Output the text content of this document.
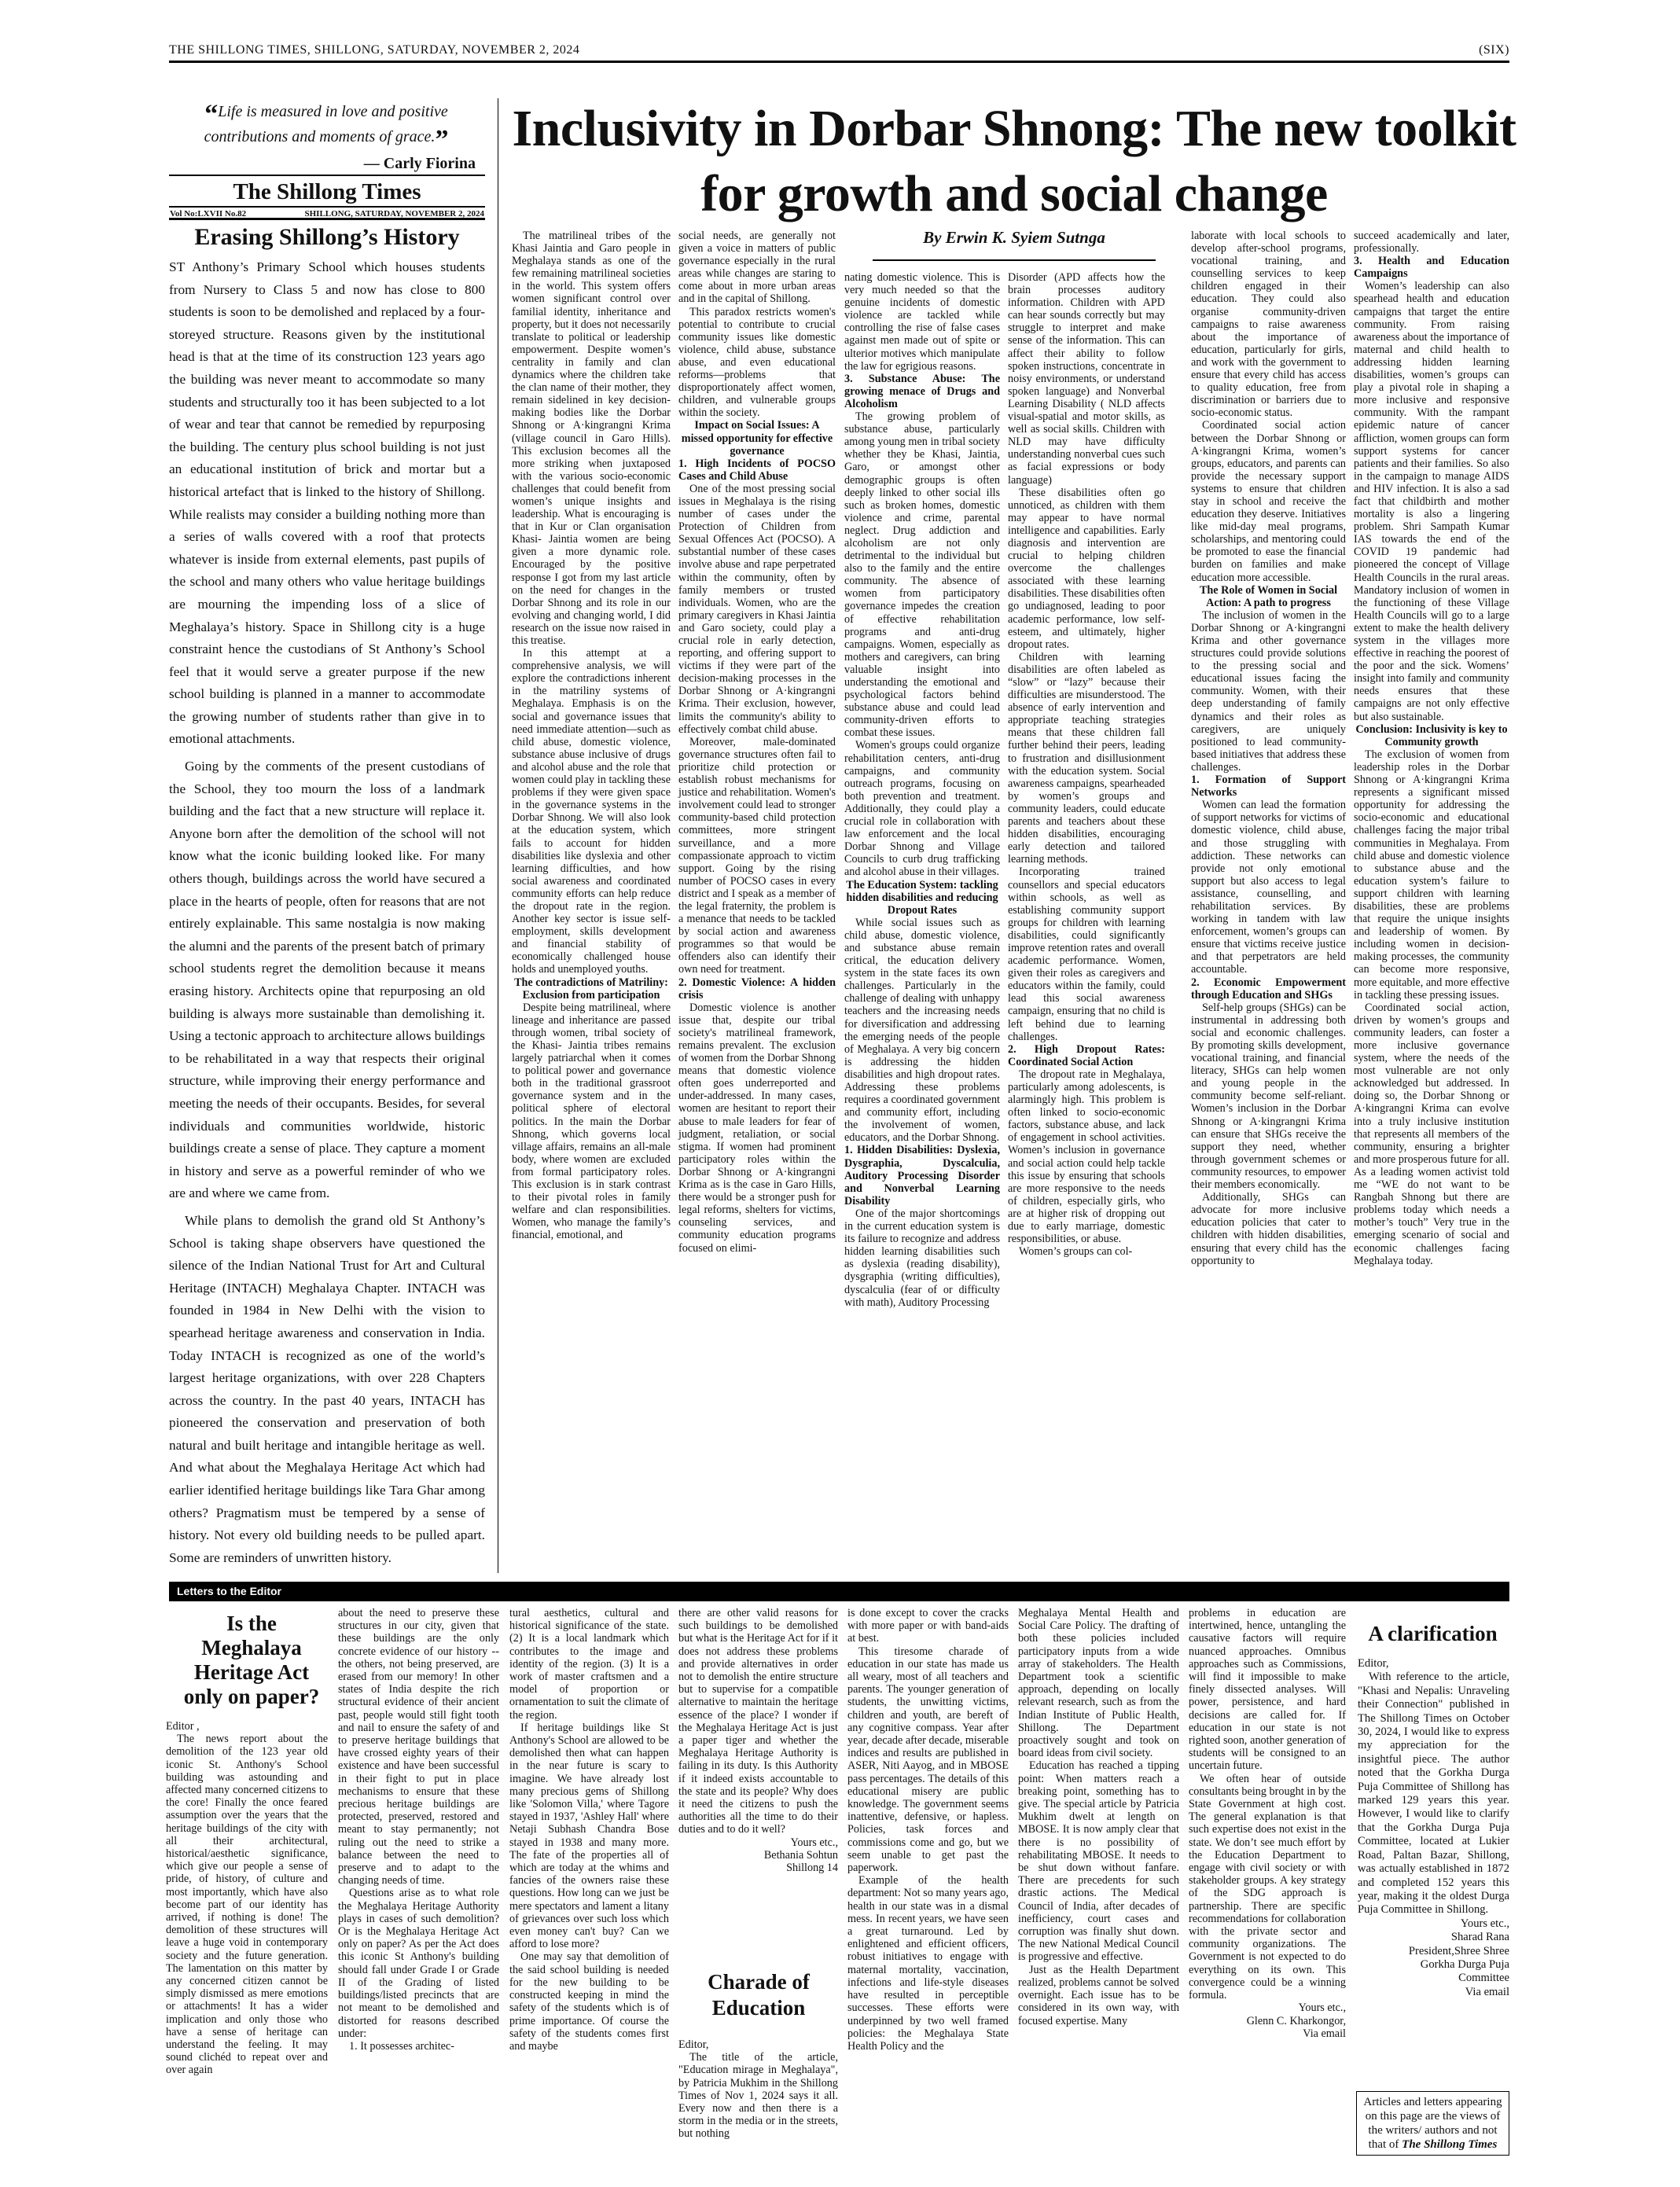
THE SHILLONG TIMES, SHILLONG, SATURDAY, NOVEMBER 2, 2024	(SIX)
“Life is measured in love and positive contributions and moments of grace.”
— Carly Fiorina
The Shillong Times
Vol No:LXVII No.82	SHILLONG, SATURDAY, NOVEMBER 2, 2024
Erasing Shillong’s History

ST Anthony’s Primary School which houses students from Nursery to Class 5 and now has close to 800 students is soon to be demolished and replaced by a four-storeyed structure. Reasons given by the institutional head is that at the time of its construction 123 years ago the building was never meant to accommodate so many students and structurally too it has been subjected to a lot of wear and tear that cannot be remedied by repurposing the building. The century plus school building is not just an educational institution of brick and mortar but a historical artefact that is linked to the history of Shillong. While realists may consider a building nothing more than a series of walls covered with a roof that protects whatever is inside from external elements, past pupils of the school and many others who value heritage buildings are mourning the impending loss of a slice of Meghalaya’s history. Space in Shillong city is a huge constraint hence the custodians of St Anthony’s School feel that it would serve a greater purpose if the new school building is planned in a manner to accommodate the growing number of students rather than give in to emotional attachments.

Going by the comments of the present custodians of the School, they too mourn the loss of a landmark building and the fact that a new structure will replace it. Anyone born after the demolition of the school will not know what the iconic building looked like. For many others though, buildings across the world have secured a place in the hearts of people, often for reasons that are not entirely explainable. This same nostalgia is now making the alumni and the parents of the present batch of primary school students regret the demolition because it means erasing history. Architects opine that repurposing an old building is always more sustainable than demolishing it. Using a tectonic approach to architecture allows buildings to be rehabilitated in a way that respects their original structure, while improving their energy performance and meeting the needs of their occupants. Besides, for several individuals and communities worldwide, historic buildings create a sense of place. They capture a moment in history and serve as a powerful reminder of who we are and where we came from.

While plans to demolish the grand old St Anthony’s School is taking shape observers have questioned the silence of the Indian National Trust for Art and Cultural Heritage (INTACH) Meghalaya Chapter. INTACH was founded in 1984 in New Delhi with the vision to spearhead heritage awareness and conservation in India. Today INTACH is recognized as one of the world’s largest heritage organizations, with over 228 Chapters across the country. In the past 40 years, INTACH has pioneered the conservation and preservation of both natural and built heritage and intangible heritage as well. And what about the Meghalaya Heritage Act which had earlier identified heritage buildings like Tara Ghar among others? Pragmatism must be tempered by a sense of history. Not every old building needs to be pulled apart. Some are reminders of unwritten history.

Inclusivity in Dorbar Shnong: The new toolkit for growth and social change
By Erwin K. Syiem Sutnga

The matrilineal tribes of the Khasi Jaintia and Garo people in Meghalaya stands as one of the few remaining matrilineal societies in the world. This system offers women significant control over familial identity, inheritance and property, but it does not necessarily translate to political or leadership empowerment. Despite women’s centrality in family and clan dynamics where the children take the clan name of their mother, they remain sidelined in key decision-making bodies like the Dorbar Shnong or A·kingrangni Krima (village council in Garo Hills). This exclusion becomes all the more striking when juxtaposed with the various socio-economic challenges that could benefit from women’s unique insights and leadership. What is encouraging is that in Kur or Clan organisation Khasi- Jaintia women are being given a more dynamic role. Encouraged by the positive response I got from my last article on the need for changes in the Dorbar Shnong and its role in our evolving and changing world, I did research on the issue now raised in this treatise.

In this attempt at a comprehensive analysis, we will explore the contradictions inherent in the matriliny systems of Meghalaya. Emphasis is on the social and governance issues that need immediate attention—such as child abuse, domestic violence, substance abuse inclusive of drugs and alcohol abuse and the role that women could play in tackling these problems if they were given space in the governance systems in the Dorbar Shnong. We will also look at the education system, which fails to account for hidden disabilities like dyslexia and other learning difficulties, and how social awareness and coordinated community efforts can help reduce the dropout rate in the region. Another key sector is issue self-employment, skills development and financial stability of economically challenged house holds and unemployed youths.

The contradictions of Matriliny: Exclusion from participation

Despite being matrilineal, where lineage and inheritance are passed through women, tribal society of the Khasi- Jaintia tribes remains largely patriarchal when it comes to political power and governance both in the traditional grassroot governance system and in the political sphere of electoral politics. In the main the Dorbar Shnong, which governs local village affairs, remains an all-male body, where women are excluded from formal participatory roles. This exclusion is in stark contrast to their pivotal roles in family welfare and clan responsibilities. Women, who manage the family’s financial, emotional, and

social needs, are generally not given a voice in matters of public governance especially in the rural areas while changes are staring to come about in more urban areas and in the capital of Shillong.

This paradox restricts women's potential to contribute to crucial community issues like domestic violence, child abuse, substance abuse, and even educational reforms—problems that disproportionately affect women, children, and vulnerable groups within the society.

Impact on Social Issues: A missed opportunity for effective governance

1. High Incidents of POCSO Cases and Child Abuse

One of the most pressing social issues in Meghalaya is the rising number of cases under the Protection of Children from Sexual Offences Act (POCSO). A substantial number of these cases involve abuse and rape perpetrated within the community, often by family members or trusted individuals. Women, who are the primary caregivers in Khasi Jaintia and Garo society, could play a crucial role in early detection, reporting, and offering support to victims if they were part of the decision-making processes in the Dorbar Shnong or A·kingrangni Krima. Their exclusion, however, limits the community's ability to effectively combat child abuse.

Moreover, male-dominated governance structures often fail to prioritize child protection or establish robust mechanisms for justice and rehabilitation. Women's involvement could lead to stronger community-based child protection committees, more stringent surveillance, and a more compassionate approach to victim support. Going by the rising number of POCSO cases in every district and I speak as a member of the legal fraternity, the problem is a menance that needs to be tackled by social action and awareness programmes so that would be offenders also can identify their own need for treatment.

2. Domestic Violence: A hidden crisis

Domestic violence is another issue that, despite our tribal society's matrilineal framework, remains prevalent. The exclusion of women from the Dorbar Shnong means that domestic violence often goes underreported and under-addressed. In many cases, women are hesitant to report their abuse to male leaders for fear of judgment, retaliation, or social stigma. If women had prominent participatory roles within the Dorbar Shnong or A·kingrangni Krima as is the case in Garo Hills, there would be a stronger push for legal reforms, shelters for victims, counseling services, and community education programs focused on elimi-

nating domestic violence. This is very much needed so that the genuine incidents of domestic violence are tackled while controlling the rise of false cases against men made out of spite or ulterior motives which manipulate the law for egrigious reasons.

3. Substance Abuse: The growing menace of Drugs and Alcoholism

The growing problem of substance abuse, particularly among young men in tribal society whether they be Khasi, Jaintia, Garo, or amongst other demographic groups is often deeply linked to other social ills such as broken homes, domestic violence and crime, parental neglect. Drug addiction and alcoholism are not only detrimental to the individual but also to the family and the entire community. The absence of women from participatory governance impedes the creation of effective rehabilitation programs and anti-drug campaigns. Women, especially as mothers and caregivers, can bring valuable insight into understanding the emotional and psychological factors behind substance abuse and could lead community-driven efforts to combat these issues.

Women's groups could organize rehabilitation centers, anti-drug campaigns, and community outreach programs, focusing on both prevention and treatment. Additionally, they could play a crucial role in collaboration with law enforcement and the local Dorbar Shnong and Village Councils to curb drug trafficking and alcohol abuse in their villages.

The Education System: tackling hidden disabilities and reducing Dropout Rates

While social issues such as child abuse, domestic violence, and substance abuse remain critical, the education delivery system in the state faces its own challenges. Particularly in the challenge of dealing with unhappy teachers and the increasing needs for diversification and addressing the emerging needs of the people of Meghalaya. A very big concern is addressing the hidden disabilities and high dropout rates. Addressing these problems requires a coordinated government and community effort, including the involvement of women, educators, and the Dorbar Shnong.

1. Hidden Disabilities: Dyslexia, Dysgraphia, Dyscalculia, Auditory Processing Disorder and Nonverbal Learning Disability

One of the major shortcomings in the current education system is its failure to recognize and address hidden learning disabilities such as dyslexia (reading disability), dysgraphia (writing difficulties), dyscalculia (fear of or difficulty with math), Auditory Processing

Disorder (APD affects how the brain processes auditory information. Children with APD can hear sounds correctly but may struggle to interpret and make sense of the information. This can affect their ability to follow spoken instructions, concentrate in noisy environments, or understand spoken language) and Nonverbal Learning Disability ( NLD affects visual-spatial and motor skills, as well as social skills. Children with NLD may have difficulty understanding nonverbal cues such as facial expressions or body language)

These disabilities often go unnoticed, as children with them may appear to have normal intelligence and capabilities. Early diagnosis and intervention are crucial to helping children overcome the challenges associated with these learning disabilities. These disabilities often go undiagnosed, leading to poor academic performance, low self-esteem, and ultimately, higher dropout rates.

Children with learning disabilities are often labeled as “slow” or “lazy” because their difficulties are misunderstood. The absence of early intervention and appropriate teaching strategies means that these children fall further behind their peers, leading to frustration and disillusionment with the education system. Social awareness campaigns, spearheaded by women’s groups and community leaders, could educate parents and teachers about these hidden disabilities, encouraging early detection and tailored learning methods.

Incorporating trained counsellors and special educators within schools, as well as establishing community support groups for children with learning disabilities, could significantly improve retention rates and overall academic performance. Women, given their roles as caregivers and educators within the family, could lead this social awareness campaign, ensuring that no child is left behind due to learning challenges.

2. High Dropout Rates: Coordinated Social Action

The dropout rate in Meghalaya, particularly among adolescents, is alarmingly high. This problem is often linked to socio-economic factors, substance abuse, and lack of engagement in school activities. Women’s inclusion in governance and social action could help tackle this issue by ensuring that schools are more responsive to the needs of children, especially girls, who are at higher risk of dropping out due to early marriage, domestic responsibilities, or abuse.

Women’s groups can col-

laborate with local schools to develop after-school programs, vocational training, and counselling services to keep children engaged in their education. They could also organise community-driven campaigns to raise awareness about the importance of education, particularly for girls, and work with the government to ensure that every child has access to quality education, free from discrimination or barriers due to socio-economic status.

Coordinated social action between the Dorbar Shnong or A·kingrangni Krima, women’s groups, educators, and parents can provide the necessary support systems to ensure that children stay in school and receive the education they deserve. Initiatives like mid-day meal programs, scholarships, and mentoring could be promoted to ease the financial burden on families and make education more accessible.

The Role of Women in Social Action: A path to progress

The inclusion of women in the Dorbar Shnong or A·kingrangni Krima and other governance structures could provide solutions to the pressing social and educational issues facing the community. Women, with their deep understanding of family dynamics and their roles as caregivers, are uniquely positioned to lead community-based initiatives that address these challenges.

1. Formation of Support Networks

Women can lead the formation of support networks for victims of domestic violence, child abuse, and those struggling with addiction. These networks can provide not only emotional support but also access to legal assistance, counselling, and rehabilitation services. By working in tandem with law enforcement, women’s groups can ensure that victims receive justice and that perpetrators are held accountable.

2. Economic Empowerment through Education and SHGs

Self-help groups (SHGs) can be instrumental in addressing both social and economic challenges. By promoting skills development, vocational training, and financial literacy, SHGs can help women and young people in the community become self-reliant. Women’s inclusion in the Dorbar Shnong or A·kingrangni Krima can ensure that SHGs receive the support they need, whether through government schemes or community resources, to empower their members economically.

Additionally, SHGs can advocate for more inclusive education policies that cater to children with hidden disabilities, ensuring that every child has the opportunity to

succeed academically and later, professionally.

3. Health and Education Campaigns

Women’s leadership can also spearhead health and education campaigns that target the entire community. From raising awareness about the importance of maternal and child health to addressing hidden learning disabilities, women’s groups can play a pivotal role in shaping a more inclusive and responsive community. With the rampant epidemic nature of cancer affliction, women groups can form support systems for cancer patients and their families. So also in the campaign to manage AIDS and HIV infection. It is also a sad fact that childbirth and mother mortality is also a lingering problem. Shri Sampath Kumar IAS towards the end of the COVID 19 pandemic had pioneered the concept of Village Health Councils in the rural areas. Mandatory inclusion of women in the functioning of these Village Health Councils will go to a large extent to make the health delivery system in the villages more effective in reaching the poorest of the poor and the sick. Womens’ insight into family and community needs ensures that these campaigns are not only effective but also sustainable.

Conclusion: Inclusivity is key to Community growth

The exclusion of women from leadership roles in the Dorbar Shnong or A·kingrangni Krima represents a significant missed opportunity for addressing the socio-economic and educational challenges facing the major tribal communities in Meghalaya. From child abuse and domestic violence to substance abuse and the education system’s failure to support children with learning disabilities, these are problems that require the unique insights and leadership of women. By including women in decision-making processes, the community can become more responsive, more equitable, and more effective in tackling these pressing issues.

Coordinated social action, driven by women’s groups and community leaders, can foster a more inclusive governance system, where the needs of the most vulnerable are not only acknowledged but addressed. In doing so, the Dorbar Shnong or A·kingrangni Krima can evolve into a truly inclusive institution that represents all members of the community, ensuring a brighter and more prosperous future for all. As a leading women activist told me “WE do not want to be Rangbah Shnong but there are problems today which needs a mother’s touch” Very true in the emerging scenario of social and economic challenges facing Meghalaya today.

Letters to the Editor
Is the Meghalaya Heritage Act only on paper?

Editor ,

The news report about the demolition of the 123 year old iconic St. Anthony's School building was astounding and affected many concerned citizens to the core! Finally the once feared assumption over the years that the heritage buildings of the city with all their architectural, historical/aesthetic significance, which give our people a sense of pride, of history, of culture and most importantly, which have also become part of our identity has arrived, if nothing is done! The demolition of these structures will leave a huge void in contemporary society and the future generation. The lamentation on this matter by any concerned citizen cannot be simply dismissed as mere emotions or attachments! It has a wider implication and only those who have a sense of heritage can understand the feeling. It may sound clichéd to repeat over and over again

about the need to preserve these structures in our city, given that these buildings are the only concrete evidence of our history -- the others, not being preserved, are erased from our memory! In other states of India despite the rich structural evidence of their ancient past, people would still fight tooth and nail to ensure the safety of and to preserve heritage buildings that have crossed eighty years of their existence and have been successful in their fight to put in place mechanisms to ensure that these precious heritage buildings are protected, preserved, restored and meant to stay permanently; not ruling out the need to strike a balance between the need to preserve and to adapt to the changing needs of time.

Questions arise as to what role the Meghalaya Heritage Authority plays in cases of such demolition? Or is the Meghalaya Heritage Act only on paper? As per the Act does this iconic St Anthony's building should fall under Grade I or Grade II of the Grading of listed buildings/listed precincts that are not meant to be demolished and distorted for reasons described under:

1. It possesses architec-

tural aesthetics, cultural and historical significance of the state. (2) It is a local landmark which contributes to the image and identity of the region. (3) It is a work of master craftsmen and a model of proportion or ornamentation to suit the climate of the region.

If heritage buildings like St Anthony's School are allowed to be demolished then what can happen in the near future is scary to imagine. We have already lost many precious gems of Shillong like 'Solomon Villa,' where Tagore stayed in 1937, 'Ashley Hall' where Netaji Subhash Chandra Bose stayed in 1938 and many more. The fate of the properties all of which are today at the whims and fancies of the owners raise these questions. How long can we just be mere spectators and lament a litany of grievances over such loss which even money can't buy? Can we afford to lose more?

One may say that demolition of the said school building is needed for the new building to be constructed keeping in mind the safety of the students which is of prime importance. Of course the safety of the students comes first and maybe

there are other valid reasons for such buildings to be demolished but what is the Heritage Act for if it does not address these problems and provide alternatives in order not to demolish the entire structure but to supervise for a compatible alternative to maintain the heritage essence of the place? I wonder if the Meghalaya Heritage Act is just a paper tiger and whether the Meghalaya Heritage Authority is failing in its duty. Is this Authority if it indeed exists accountable to the state and its people? Why does it need the citizens to push the authorities all the time to do their duties and to do it well?

Yours etc.,

Bethania Sohtun

Shillong 14

Charade of Education

Editor,

The title of the article, "Education mirage in Meghalaya", by Patricia Mukhim in the Shillong Times of Nov 1, 2024 says it all. Every now and then there is a storm in the media or in the streets, but nothing

is done except to cover the cracks with more paper or with band-aids at best.

This tiresome charade of education in our state has made us all weary, most of all teachers and parents. The younger generation of students, the unwitting victims, children and youth, are bereft of any cognitive compass. Year after year, decade after decade, miserable indices and results are published in ASER, Niti Aayog, and in MBOSE pass percentages. The details of this educational misery are public knowledge. The government seems inattentive, defensive, or hapless. Policies, task forces and commissions come and go, but we seem unable to get past the paperwork.

Example of the health department: Not so many years ago, health in our state was in a dismal mess. In recent years, we have seen a great turnaround. Led by enlightened and efficient officers, robust initiatives to engage with maternal mortality, vaccination, infections and life-style diseases have resulted in perceptible successes. These efforts were underpinned by two well framed policies: the Meghalaya State Health Policy and the

Meghalaya Mental Health and Social Care Policy. The drafting of both these policies included participatory inputs from a wide array of stakeholders. The Health Department took a scientific approach, depending on locally relevant research, such as from the Indian Institute of Public Health, Shillong. The Department proactively sought and took on board ideas from civil society.

Education has reached a tipping point: When matters reach a breaking point, something has to give. The special article by Patricia Mukhim dwelt at length on MBOSE. It is now amply clear that there is no possibility of rehabilitating MBOSE. It needs to be shut down without fanfare. There are precedents for such drastic actions. The Medical Council of India, after decades of inefficiency, court cases and corruption was finally shut down. The new National Medical Council is progressive and effective.

Just as the Health Department realized, problems cannot be solved overnight. Each issue has to be considered in its own way, with focused expertise. Many

problems in education are intertwined, hence, untangling the causative factors will require nuanced approaches. Omnibus approaches such as Commissions, will find it impossible to make finely dissected analyses. Will power, persistence, and hard decisions are called for. If education in our state is not righted soon, another generation of students will be consigned to an uncertain future.

We often hear of outside consultants being brought in by the State Government at high cost. The general explanation is that such expertise does not exist in the state. We don’t see much effort by the Education Department to engage with civil society or with stakeholder groups. A key strategy of the SDG approach is partnership. There are specific recommendations for collaboration with the private sector and community organizations. The Government is not expected to do everything on its own. This convergence could be a winning formula.

Yours etc.,

Glenn C. Kharkongor,

Via email

A clarification

Editor,

With reference to the article, "Khasi and Nepalis: Unraveling their Connection" published in The Shillong Times on October 30, 2024, I would like to express my appreciation for the insightful piece. The author noted that the Gorkha Durga Puja Committee of Shillong has marked 129 years this year. However, I would like to clarify that the Gorkha Durga Puja Committee, located at Lukier Road, Paltan Bazar, Shillong, was actually established in 1872 and completed 152 years this year, making it the oldest Durga Puja Committee in Shillong.

Yours etc.,

Sharad Rana

President,Shree Shree

Gorkha Durga Puja

Committee

Via email

Articles and letters appearing on this page are the views of the writers/ authors and not that of The Shillong Times
